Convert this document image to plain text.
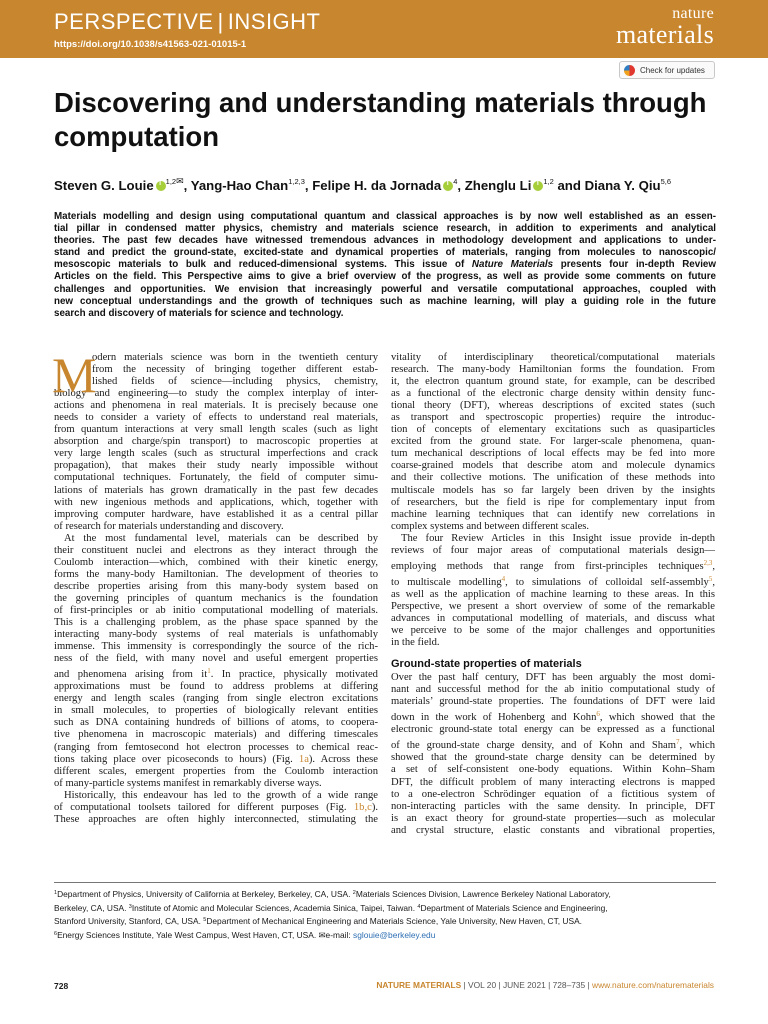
PERSPECTIVE | INSIGHT
https://doi.org/10.1038/s41563-021-01015-1
nature
materials
Check for updates
Discovering and understanding materials through computation
Steven G. Louie i $^{1,2✉}$, Yang-Hao Chan$^{1,2,3}$, Felipe H. da Jornada i $^4$, Zhenglu Li i $^{1,2}$ and Diana Y. Qiu$^{5,6}$
Materials modelling and design using computational quantum and classical approaches is by now well established as an essen-
tial pillar in condensed matter physics, chemistry and materials science research, in addition to experiments and analytical
theories. The past few decades have witnessed tremendous advances in methodology development and applications to under-
stand and predict the ground-state, excited-state and dynamical properties of materials, ranging from molecules to nanoscopic/
mesoscopic materials to bulk and reduced-dimensional systems. This issue of Nature Materials presents four in-depth Review
Articles on the field. This Perspective aims to give a brief overview of the progress, as well as provide some comments on future
challenges and opportunities. We envision that increasingly powerful and versatile computational approaches, coupled with
new conceptual understandings and the growth of techniques such as machine learning, will play a guiding role in the future
search and discovery of materials for science and technology.
M
odern materials science was born in the twentieth century
from the necessity of bringing together different estab-
lished fields of science—including physics, chemistry,
biology and engineering—to study the complex interplay of inter-
actions and phenomena in real materials. It is precisely because one
needs to consider a variety of effects to understand real materials,
from quantum interactions at very small length scales (such as light
absorption and charge/spin transport) to macroscopic properties at
very large length scales (such as structural imperfections and crack
propagation), that makes their study nearly impossible without
computational techniques. Fortunately, the field of computer simu-
lations of materials has grown dramatically in the past few decades
with new ingenious methods and applications, which, together with
improving computer hardware, have established it as a central pillar
of research for materials understanding and discovery.
At the most fundamental level, materials can be described by
their constituent nuclei and electrons as they interact through the
Coulomb interaction—which, combined with their kinetic energy,
forms the many-body Hamiltonian. The development of theories to
describe properties arising from this many-body system based on
the governing principles of quantum mechanics is the foundation
of first-principles or ab initio computational modelling of materials.
This is a challenging problem, as the phase space spanned by the
interacting many-body systems of real materials is unfathomably
immense. This immensity is correspondingly the source of the rich-
ness of the field, with many novel and useful emergent properties
and phenomena arising from it$^1$. In practice, physically motivated
approximations must be found to address problems at differing
energy and length scales (ranging from single electron excitations
in small molecules, to properties of biologically relevant entities
such as DNA containing hundreds of billions of atoms, to coopera-
tive phenomena in macroscopic materials) and differing timescales
(ranging from femtosecond hot electron processes to chemical reac-
tions taking place over picoseconds to hours) (Fig. 1a). Across these
different scales, emergent properties from the Coulomb interaction
of many-particle systems manifest in remarkably diverse ways.
Historically, this endeavour has led to the growth of a wide range
of computational toolsets tailored for different purposes (Fig. 1b,c).
These approaches are often highly interconnected, stimulating the
vitality of interdisciplinary theoretical/computational materials
research. The many-body Hamiltonian forms the foundation. From
it, the electron quantum ground state, for example, can be described
as a functional of the electronic charge density within density func-
tional theory (DFT), whereas descriptions of excited states (such
as transport and spectroscopic properties) require the introduc-
tion of concepts of elementary excitations such as quasiparticles
excited from the ground state. For larger-scale phenomena, quan-
tum mechanical descriptions of local effects may be fed into more
coarse-grained models that describe atom and molecule dynamics
and their collective motions. The unification of these methods into
multiscale models has so far largely been driven by the insights
of researchers, but the field is ripe for complementary input from
machine learning techniques that can identify new correlations in
complex systems and between different scales.
The four Review Articles in this Insight issue provide in-depth
reviews of four major areas of computational materials design—
employing methods that range from first-principles techniques$^{2,3}$,
to multiscale modelling$^4$, to simulations of colloidal self-assembly$^5$,
as well as the application of machine learning to these areas. In this
Perspective, we present a short overview of some of the remarkable
advances in computational modelling of materials, and discuss what
we perceive to be some of the major challenges and opportunities
in the field.
Ground-state properties of materials
Over the past half century, DFT has been arguably the most domi-
nant and successful method for the ab initio computational study of
materials’ ground-state properties. The foundations of DFT were laid
down in the work of Hohenberg and Kohn$^6$, which showed that the
electronic ground-state total energy can be expressed as a functional
of the ground-state charge density, and of Kohn and Sham$^7$, which
showed that the ground-state charge density can be determined by
a set of self-consistent one-body equations. Within Kohn–Sham
DFT, the difficult problem of many interacting electrons is mapped
to a one-electron Schrödinger equation of a fictitious system of
non-interacting particles with the same density. In principle, DFT
is an exact theory for ground-state properties—such as molecular
and crystal structure, elastic constants and vibrational properties,
$^1$Department of Physics, University of California at Berkeley, Berkeley, CA, USA. $^2$Materials Sciences Division, Lawrence Berkeley National Laboratory,
Berkeley, CA, USA. $^3$Institute of Atomic and Molecular Sciences, Academia Sinica, Taipei, Taiwan. $^4$Department of Materials Science and Engineering,
Stanford University, Stanford, CA, USA. $^5$Department of Mechanical Engineering and Materials Science, Yale University, New Haven, CT, USA.
$^6$Energy Sciences Institute, Yale West Campus, West Haven, CT, USA. ✉e-mail: sglouie@berkeley.edu
728	NATURE MATERIALS | VOL 20 | JUNE 2021 | 728–735 | www.nature.com/naturematerials
